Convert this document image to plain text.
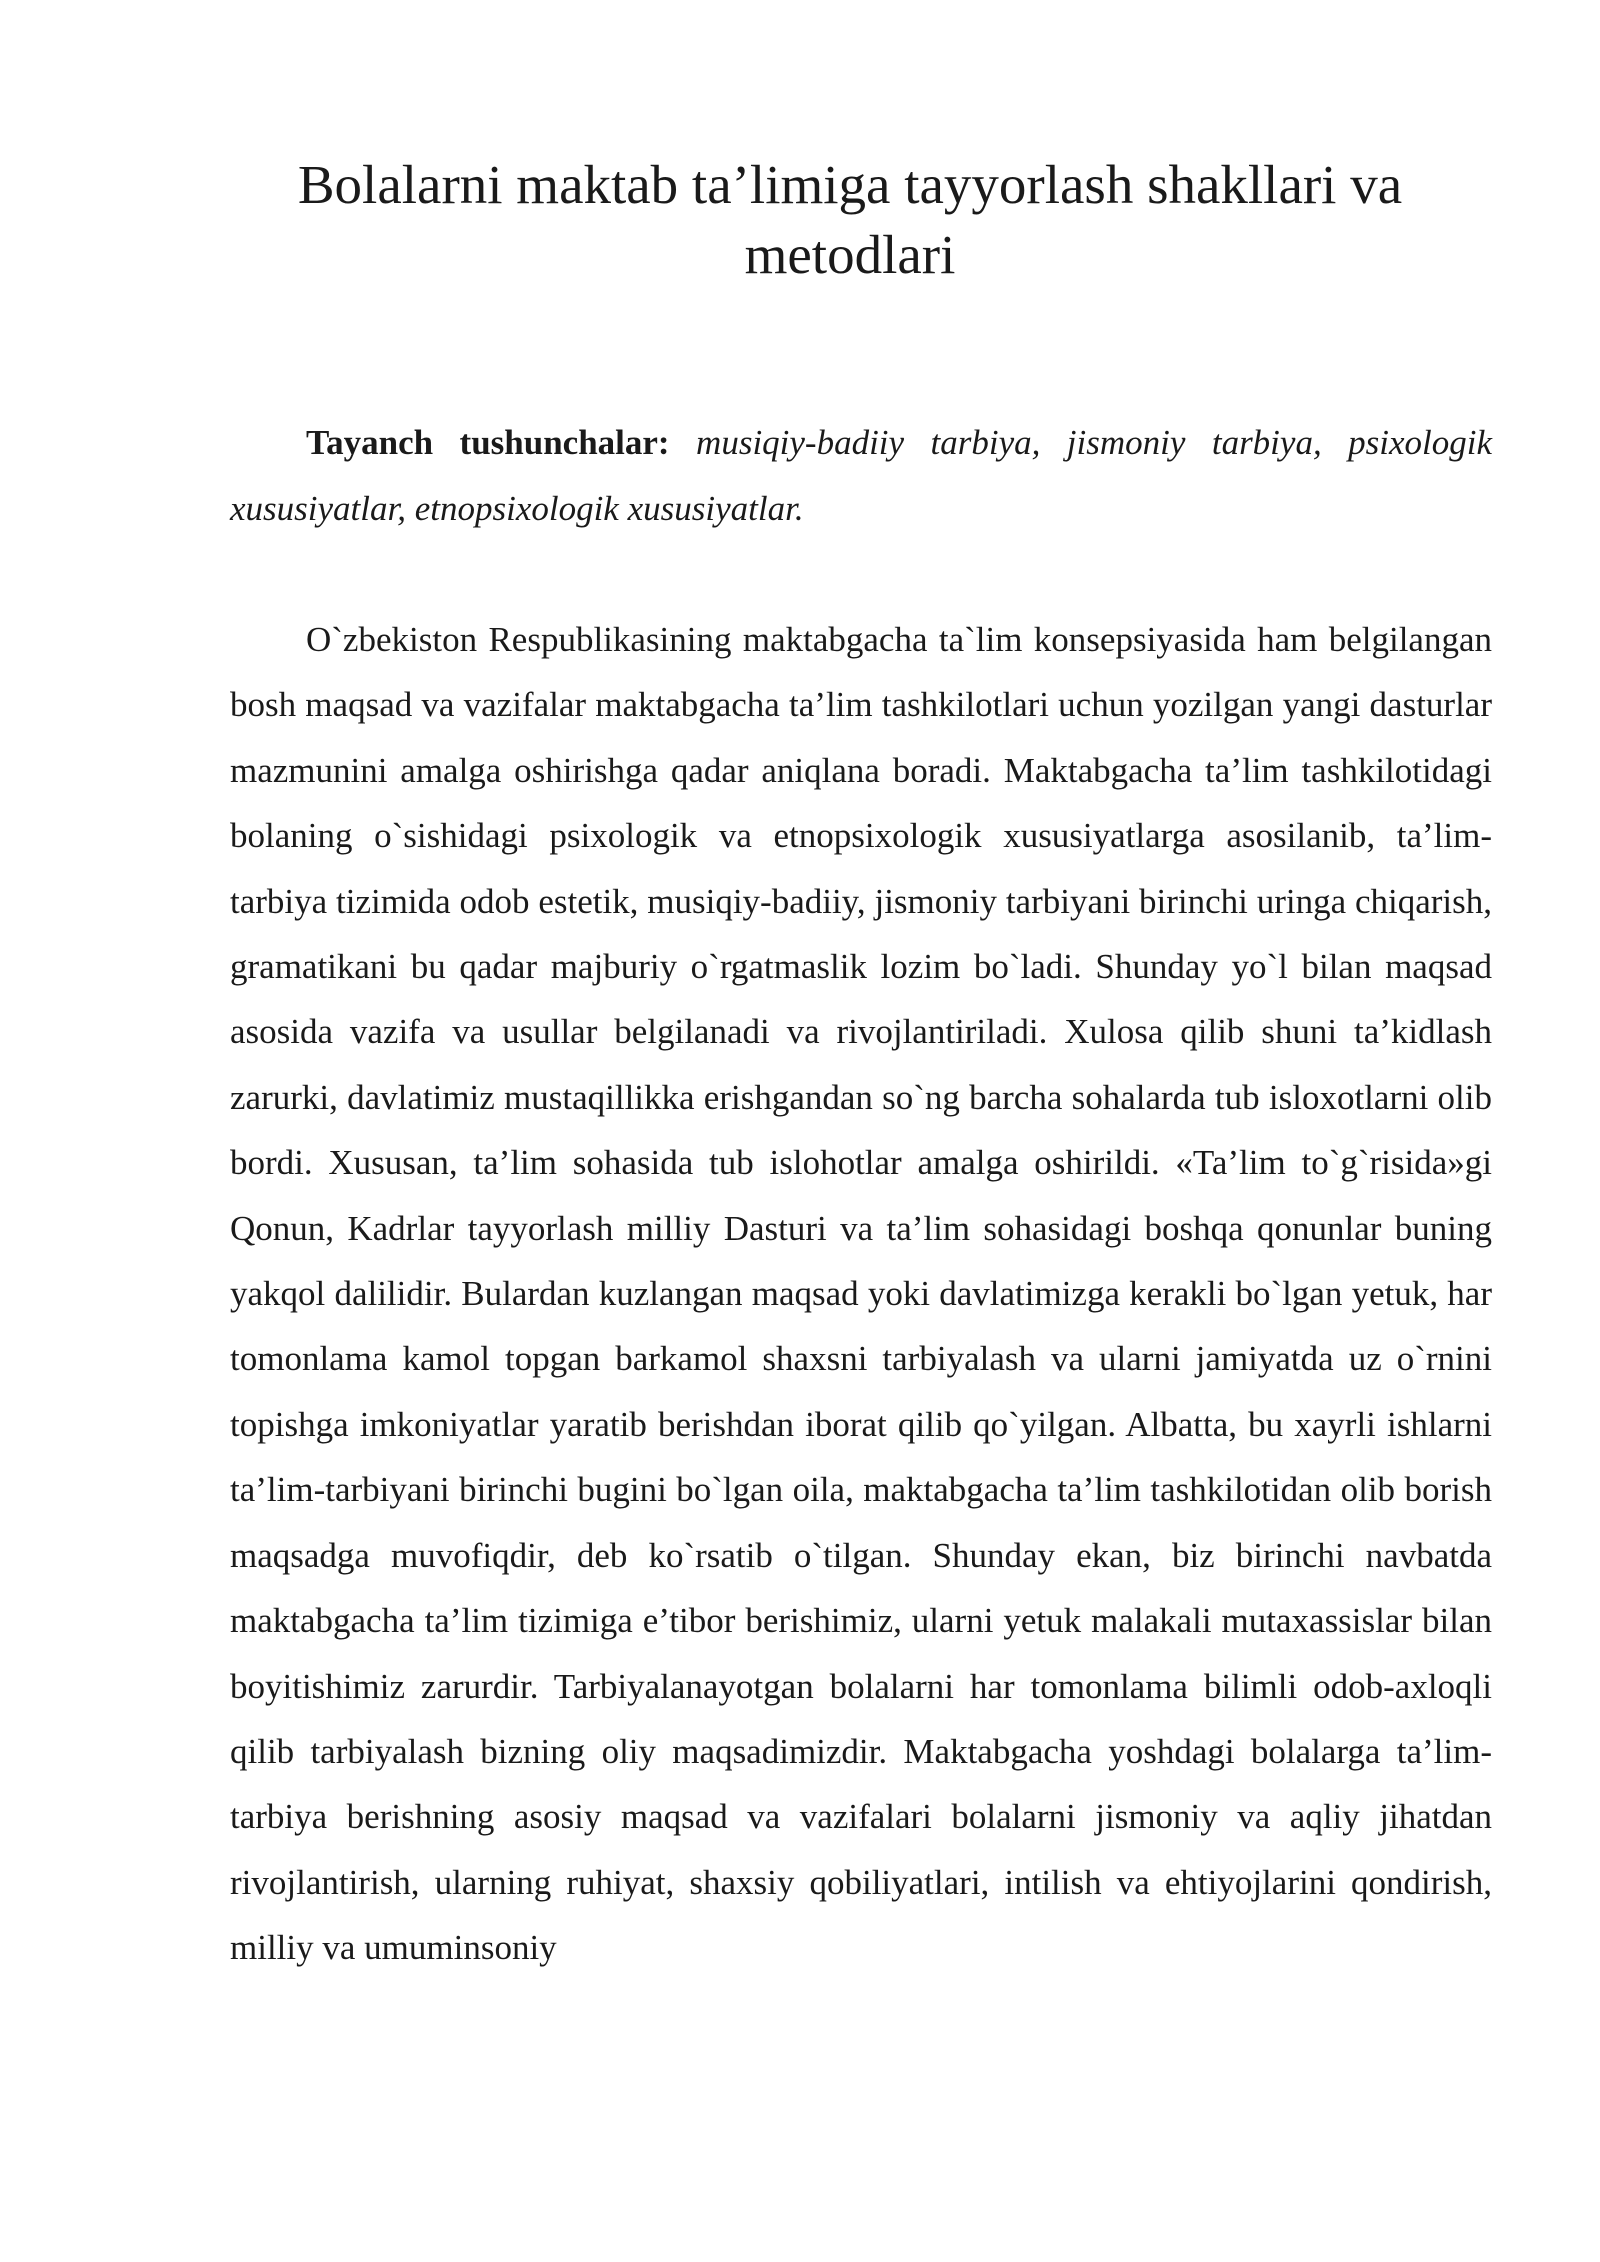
Bolalarni maktab ta’limiga tayyorlash shakllari va metodlari

Tayanch tushunchalar: musiqiy-badiiy tarbiya, jismoniy tarbiya, psixologik xususiyatlar, etnopsixologik xususiyatlar.

O`zbekiston Respublikasining maktabgacha ta`lim konsepsiyasida ham belgilangan bosh maqsad va vazifalar maktabgacha ta’lim tashkilotlari uchun yozilgan yangi dasturlar mazmunini amalga oshirishga qadar aniqlana boradi. Maktabgacha ta’lim tashkilotidagi bolaning o`sishidagi psixologik va etnopsixologik xususiyatlarga asosilanib, ta’lim-tarbiya tizimida odob estetik, musiqiy-badiiy, jismoniy tarbiyani birinchi uringa chiqarish, gramatikani bu qadar majburiy o`rgatmaslik lozim bo`ladi. Shunday yo`l bilan maqsad asosida vazifa va usullar belgilanadi va rivojlantiriladi. Xulosa qilib shuni ta’kidlash zarurki, davlatimiz mustaqillikka erishgandan so`ng barcha sohalarda tub isloxotlarni olib bordi. Xususan, ta’lim sohasida tub islohotlar amalga oshirildi. «Ta’lim to`g`risida»gi Qonun, Kadrlar tayyorlash milliy Dasturi va ta’lim sohasidagi boshqa qonunlar buning yakqol dalilidir. Bulardan kuzlangan maqsad yoki davlatimizga kerakli bo`lgan yetuk, har tomonlama kamol topgan barkamol shaxsni tarbiyalash va ularni jamiyatda uz o`rnini topishga imkoniyatlar yaratib berishdan iborat qilib qo`yilgan. Albatta, bu xayrli ishlarni ta’lim-tarbiyani birinchi bugini bo`lgan oila, maktabgacha ta’lim tashkilotidan olib borish maqsadga muvofiqdir, deb ko`rsatib o`tilgan. Shunday ekan, biz birinchi navbatda maktabgacha ta’lim tizimiga e’tibor berishimiz, ularni yetuk malakali mutaxassislar bilan boyitishimiz zarurdir. Tarbiyalanayotgan bolalarni har tomonlama bilimli odob-axloqli qilib tarbiyalash bizning oliy maqsadimizdir. Maktabgacha yoshdagi bolalarga ta’lim-tarbiya berishning asosiy maqsad va vazifalari bolalarni jismoniy va aqliy jihatdan rivojlantirish, ularning ruhiyat, shaxsiy qobiliyatlari, intilish va ehtiyojlarini qondirish, milliy va umuminsoniy
